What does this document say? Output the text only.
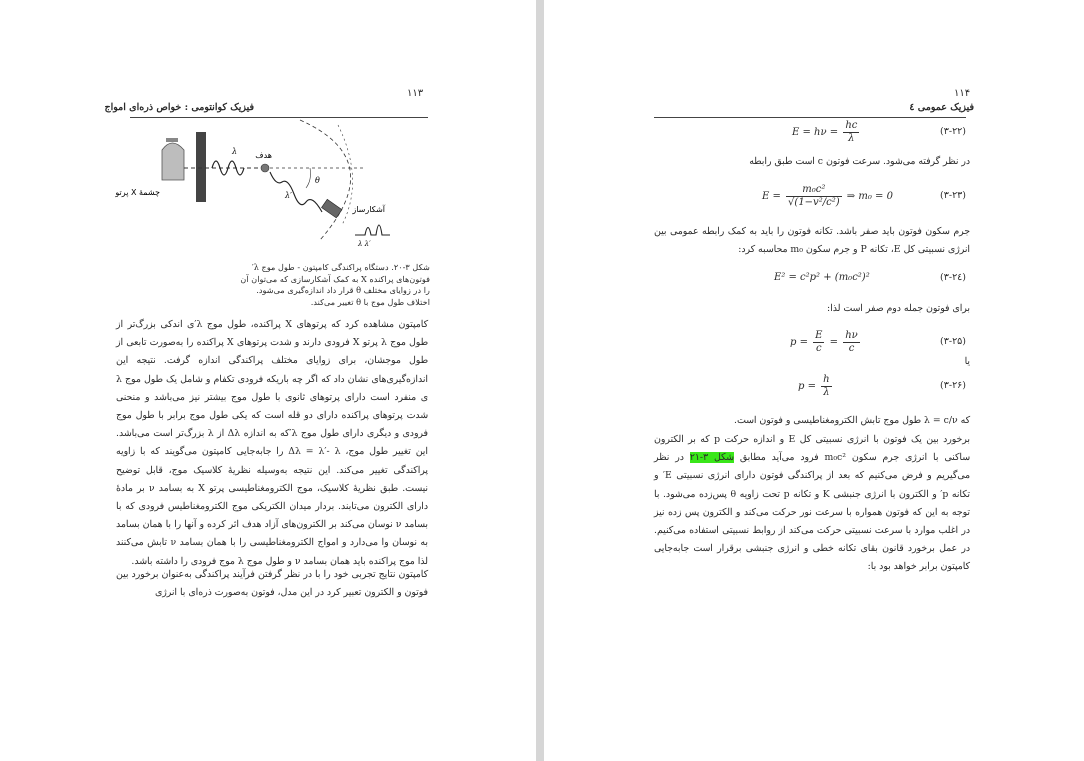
۱۱۳
فیزیک کوانتومی : خواص ذره‌ای امواج
چشمهٔ X پرتو
هدف
آشکارساز
θ
λ′
λ
λ λ′
شکل ۳-۲۰. دستگاه پراکندگی کامپتون - طول موج λ′ فوتون‌های پراکنده X به کمک آشکارسازی که می‌توان آن را در زوایای مختلف θ قرار داد اندازه‌گیری می‌شود. اختلاف طول موج با θ تغییر می‌کند.
کامپتون مشاهده کرد که پرتوهای X پراکنده، طول موج λ′ی اندکی بزرگ‌تر از طول موج λ پرتو X فرودی دارند و شدت پرتوهای X پراکنده را به‌صورت تابعی از طول موجشان، برای زوایای مختلف پراکندگی اندازه گرفت. نتیجه این اندازه‌گیری‌های نشان داد که اگر چه باریکه فرودی تکفام و شامل یک طول موج λ ی منفرد است دارای پرتوهای ثانوی با طول موج بیشتر نیز می‌باشد و منحنی شدت پرتوهای پراکنده دارای دو قله است که یکی طول موج برابر با طول موج فرودی و دیگری دارای طول موج λ′که به اندازه Δλ از λ بزرگ‌تر است می‌باشد. این تغییر طول موج، Δλ = λ′- λ را جابه‌جایی کامپتون می‌گویند که با زاویه پراکندگی تغییر می‌کند. این نتیجه به‌وسیله نظریهٔ کلاسیک موج، قابل توضیح نیست. طبق نظریهٔ کلاسیک، موج الکترومغناطیسی پرتو X به بسامد ν بر مادهٔ دارای الکترون می‌تابند. بردار میدان الکتریکی موج الکترومغناطیس فرودی که با بسامد ν نوسان می‌کند بر الکترون‌های آزاد هدف اثر کرده و آنها را با همان بسامد به نوسان وا می‌دارد و امواج الکترومغناطیسی را با همان بسامد ν تابش می‌کنند لذا موج پراکنده باید همان بسامد ν و طول موج λ موج فرودی را داشته باشد.
کامپتون نتایج تجربی خود را با در نظر گرفتن فرآیند پراکندگی به‌عنوان برخورد بین فوتون و الکترون تعبیر کرد در این مدل، فوتون به‌صورت ذره‌ای با انرژی
۱۱۴
فیزیک عمومی ٤
$E = h\nu = \frac{hc}{\lambda}$	(۳-۲۲)
در نظر گرفته می‌شود. سرعت فوتون c است طبق رابطه
$E = \frac{\text{m₀c²}}{\text{√(1−v²/c²)}}$ ⇒ m₀ = 0	(۳-۲۳)
جرم سکون فوتون باید صفر باشد. تکانه فوتون را باید به کمک رابطه عمومی بین انرژی نسبیتی کل E، تکانه P و جرم سکون m₀ محاسبه کرد:
E² = c²p² + (m₀c²)²	(۳-۲٤)
برای فوتون جمله دوم صفر است لذا:
$p = \frac{E}{c} = \frac{h\nu}{c}$	(۳-۲۵)
یا
$p = \frac{h}{\lambda}$	(۳-۲۶)
که λ = c/ν طول موج تابش الکترومغناطیسی و فوتون است.
برخورد بین یک فوتون با انرژی نسبیتی کل E و اندازه حرکت p که بر الکترون ساکنی با انرژی جرم سکون m₀c² فرود می‌آید مطابق شکل ۳-۲۱ در نظر می‌گیریم و فرض می‌کنیم که بعد از پراکندگی فوتون دارای انرژی نسبیتی E′ و تکانه p′ و الکترون با انرژی جنبشی K و تکانه p تحت زاویه θ پس‌زده می‌شود. با توجه به این که فوتون همواره با سرعت نور حرکت می‌کند و الکترون پس زده نیز در اغلب موارد با سرعت نسبیتی حرکت می‌کند از روابط نسبیتی استفاده می‌کنیم. در عمل برخورد قانون بقای تکانه خطی و انرژی جنبشی برقرار است جابه‌جایی کامپتون برابر خواهد بود با:
